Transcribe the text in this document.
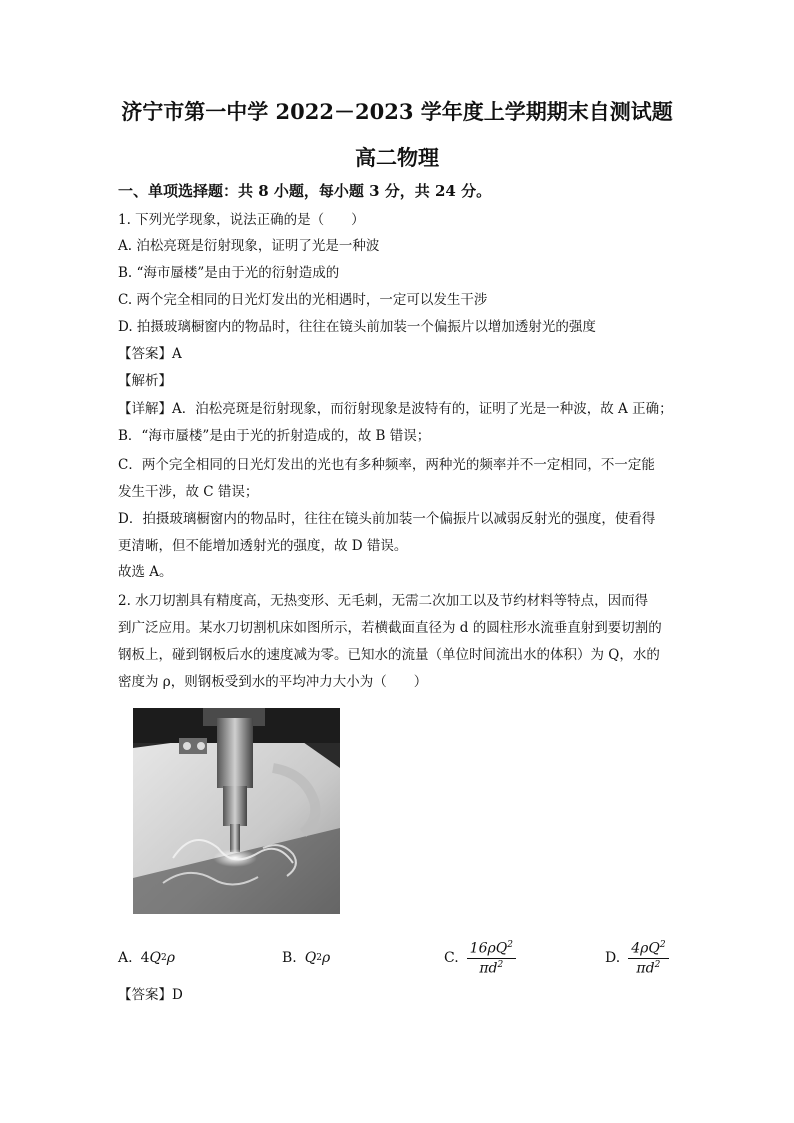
济宁市第一中学 2022－2023 学年度上学期期末自测试题
高二物理
一、单项选择题：共 8 小题，每小题 3 分，共 24 分。
1. 下列光学现象，说法正确的是（　　）
A. 泊松亮斑是衍射现象，证明了光是一种波
B. “海市蜃楼”是由于光的衍射造成的
C. 两个完全相同的日光灯发出的光相遇时，一定可以发生干涉
D. 拍摄玻璃橱窗内的物品时，往往在镜头前加装一个偏振片以增加透射光的强度
【答案】A
【解析】
【详解】A．泊松亮斑是衍射现象，而衍射现象是波特有的，证明了光是一种波，故 A 正确；
B．“海市蜃楼”是由于光的折射造成的，故 B 错误；
C．两个完全相同的日光灯发出的光也有多种频率，两种光的频率并不一定相同，不一定能
发生干涉，故 C 错误；
D．拍摄玻璃橱窗内的物品时，往往在镜头前加装一个偏振片以减弱反射光的强度，使看得
更清晰，但不能增加透射光的强度，故 D 错误。
故选 A。
2. 水刀切割具有精度高，无热变形、无毛刺，无需二次加工以及节约材料等特点，因而得
到广泛应用。某水刀切割机床如图所示，若横截面直径为 d 的圆柱形水流垂直射到要切割的
钢板上，碰到钢板后水的速度减为零。已知水的流量（单位时间流出水的体积）为 Q，水的
密度为 ρ，则钢板受到水的平均冲力大小为（　　）
A. 4 Q 2 ρ	B. Q 2 ρ	C. $\frac{16\rho Q^2}{\pi d^2}$	D. $\frac{4\rho Q^2}{\pi d^2}$
【答案】D
